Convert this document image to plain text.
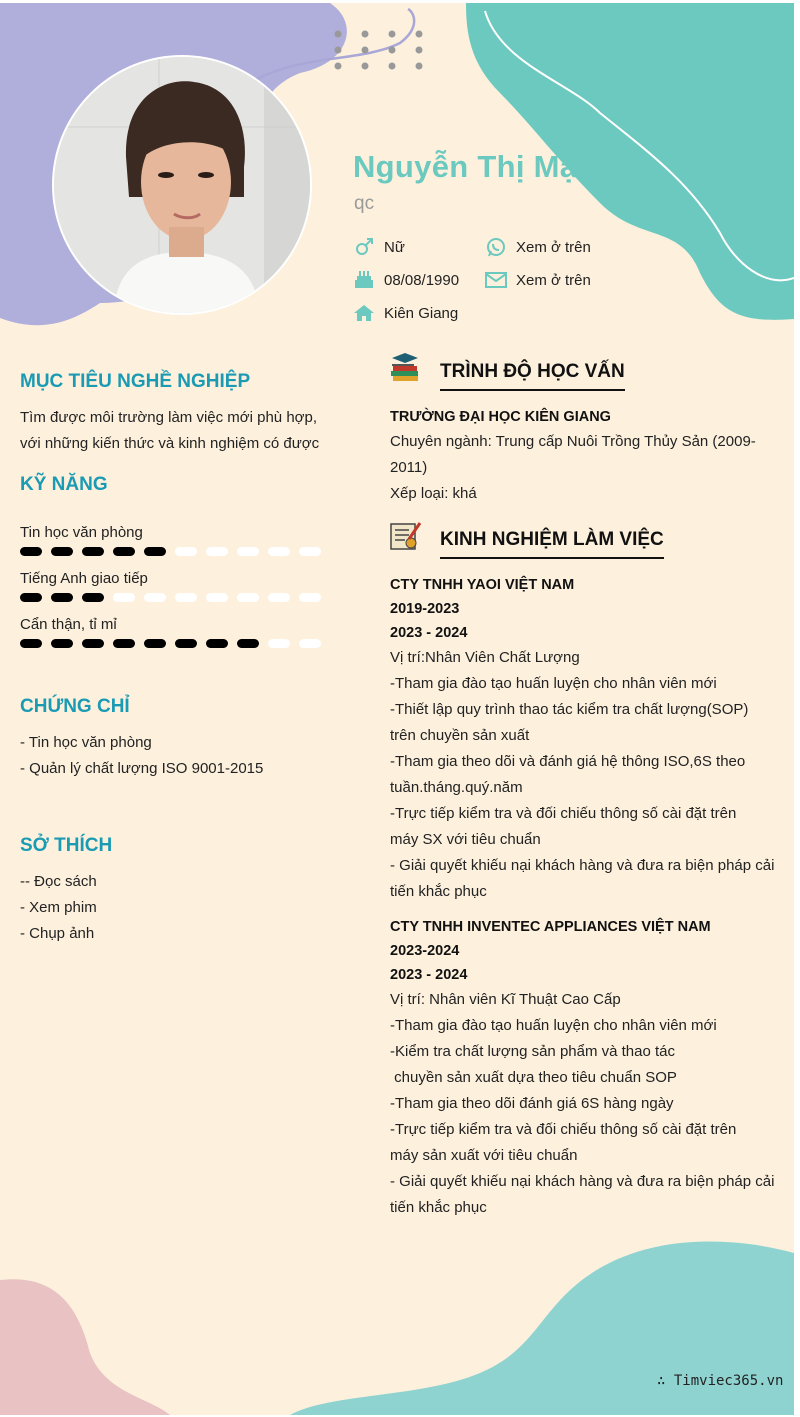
Nguyễn Thị Mận
qc
Nữ
08/08/1990
Kiên Giang
Xem ở trên
Xem ở trên
MỤC TIÊU NGHỀ NGHIỆP
Tìm được môi trường làm việc mới phù hợp,
với những kiến thức và kinh nghiệm có được
KỸ NĂNG
Tin học văn phòng
Tiếng Anh giao tiếp
Cẩn thận, tỉ mỉ
CHỨNG CHỈ
- Tin học văn phòng
- Quản lý chất lượng ISO 9001-2015
SỞ THÍCH
-- Đọc sách
- Xem phim
- Chụp ảnh
TRÌNH ĐỘ HỌC VẤN
TRƯỜNG ĐẠI HỌC KIÊN GIANG
Chuyên ngành: Trung cấp Nuôi Trồng Thủy Sản (2009-
2011)
Xếp loại: khá
KINH NGHIỆM LÀM VIỆC
CTY TNHH YAOI VIỆT NAM
2019-2023
2023 - 2024
Vị trí:Nhân Viên Chất Lượng
-Tham gia đào tạo huấn luyện cho nhân viên mới
-Thiết lập quy trình thao tác kiểm tra chất lượng(SOP)
trên chuyền sản xuất
-Tham gia theo dõi và đánh giá hệ thông ISO,6S theo
tuần.tháng.quý.năm
-Trực tiếp kiểm tra và đối chiếu thông số cài đặt trên
máy SX với tiêu chuẩn
- Giải quyết khiếu nại khách hàng và đưa ra biện pháp cải
tiến khắc phục
CTY TNHH INVENTEC APPLIANCES VIỆT NAM
2023-2024
2023 - 2024
Vị trí: Nhân viên Kĩ Thuật Cao Cấp
-Tham gia đào tạo huấn luyện cho nhân viên mới
-Kiểm tra chất lượng sản phẩm và thao tác
chuyền sản xuất dựa theo tiêu chuẩn SOP
-Tham gia theo dõi đánh giá 6S hàng ngày
-Trực tiếp kiểm tra và đối chiếu thông số cài đặt trên
máy sản xuất với tiêu chuẩn
- Giải quyết khiếu nại khách hàng và đưa ra biện pháp cải
tiến khắc phục
∴ Timviec365.vn
